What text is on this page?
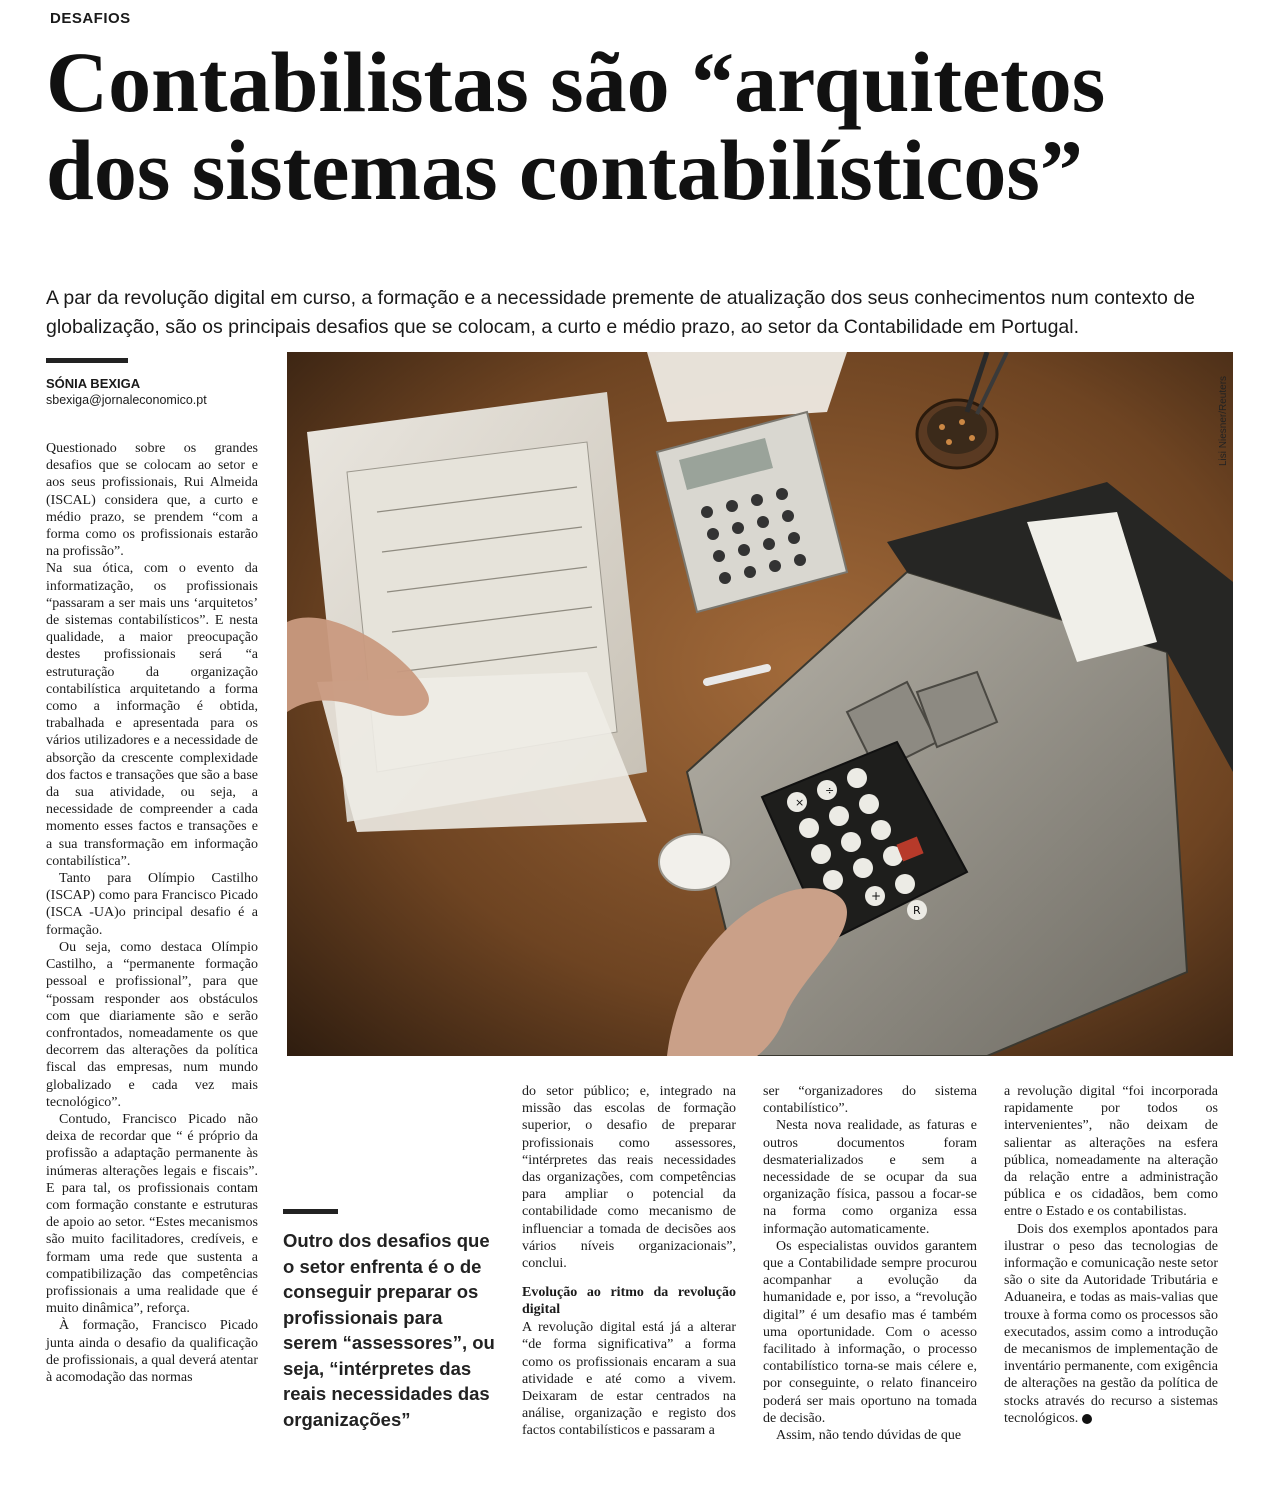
DESAFIOS
Contabilistas são “arquitetos
dos sistemas contabilísticos”

A par da revolução digital em curso, a formação e a necessidade premente de atualização dos seus conhecimentos num contexto de globalização, são os principais desafios que se colocam, a curto e médio prazo, ao setor da Contabilidade em Portugal.

SÓNIA BEXIGA
sbexiga@jornaleconomico.pt

Questionado sobre os grandes desafios que se colocam ao setor e aos seus profissionais, Rui Almeida (ISCAL) considera que, a curto e médio prazo, se prendem “com a forma como os profissionais estarão na profissão”.

Na sua ótica, com o evento da informatização, os profissionais “passaram a ser mais uns ‘arquitetos’ de sistemas contabilísticos”. E nesta qualidade, a maior preocupação destes profissionais será “a estruturação da organização contabilística arquitetando a forma como a informação é obtida, trabalhada e apresentada para os vários utilizadores e a necessidade de absorção da crescente complexidade dos factos e transações que são a base da sua atividade, ou seja, a necessidade de compreender a cada momento esses factos e transações e a sua transformação em informação contabilística”.

Tanto para Olímpio Castilho (ISCAP) como para Francisco Picado (ISCA -UA)o principal desafio é a formação.

Ou seja, como destaca Olímpio Castilho, a “permanente formação pessoal e profissional”, para que “possam responder aos obstáculos com que diariamente são e serão confrontados, nomeadamente os que decorrem das alterações da política fiscal das empresas, num mundo globalizado e cada vez mais tecnológico”.

Contudo, Francisco Picado não deixa de recordar que “ é próprio da profissão a adaptação permanente às inúmeras alterações legais e fiscais”. E para tal, os profissionais contam com formação constante e estruturas de apoio ao setor. “Estes mecanismos são muito facilitadores, credíveis, e formam uma rede que sustenta a compatibilização das competências profissionais a uma realidade que é muito dinâmica”, reforça.

À formação, Francisco Picado junta ainda o desafio da qualificação de profissionais, a qual deverá atentar à acomodação das normas

×
÷
R
+
Lisi Niesner/Reuters

Outro dos desafios que o setor enfrenta é o de conseguir preparar os profissionais para serem “assessores”, ou seja, “intérpretes das reais necessidades das organizações”

do setor público; e, integrado na missão das escolas de formação superior, o desafio de preparar profissionais como assessores, “intérpretes das reais necessidades das organizações, com competências para ampliar o potencial da contabilidade como mecanismo de influenciar a tomada de decisões aos vários níveis organizacionais”, conclui.

Evolução ao ritmo da revolução digital

A revolução digital está já a alterar “de forma significativa” a forma como os profissionais encaram a sua atividade e até como a vivem. Deixaram de estar centrados na análise, organização e registo dos factos contabilísticos e passaram a

ser “organizadores do sistema contabilístico”.

Nesta nova realidade, as faturas e outros documentos foram desmaterializados e sem a necessidade de se ocupar da sua organização física, passou a focar-se na forma como organiza essa informação automaticamente.

Os especialistas ouvidos garantem que a Contabilidade sempre procurou acompanhar a evolução da humanidade e, por isso, a “revolução digital” é um desafio mas é também uma oportunidade. Com o acesso facilitado à informação, o processo contabilístico torna-se mais célere e, por conseguinte, o relato financeiro poderá ser mais oportuno na tomada de decisão.

Assim, não tendo dúvidas de que

a revolução digital “foi incorporada rapidamente por todos os intervenientes”, não deixam de salientar as alterações na esfera pública, nomeadamente na alteração da relação entre a administração pública e os cidadãos, bem como entre o Estado e os contabilistas.

Dois dos exemplos apontados para ilustrar o peso das tecnologias de informação e comunicação neste setor são o site da Autoridade Tributária e Aduaneira, e todas as mais-valias que trouxe à forma como os processos são executados, assim como a introdução de mecanismos de implementação de inventário permanente, com exigência de alterações na gestão da política de stocks através do recurso a sistemas tecnológicos.
